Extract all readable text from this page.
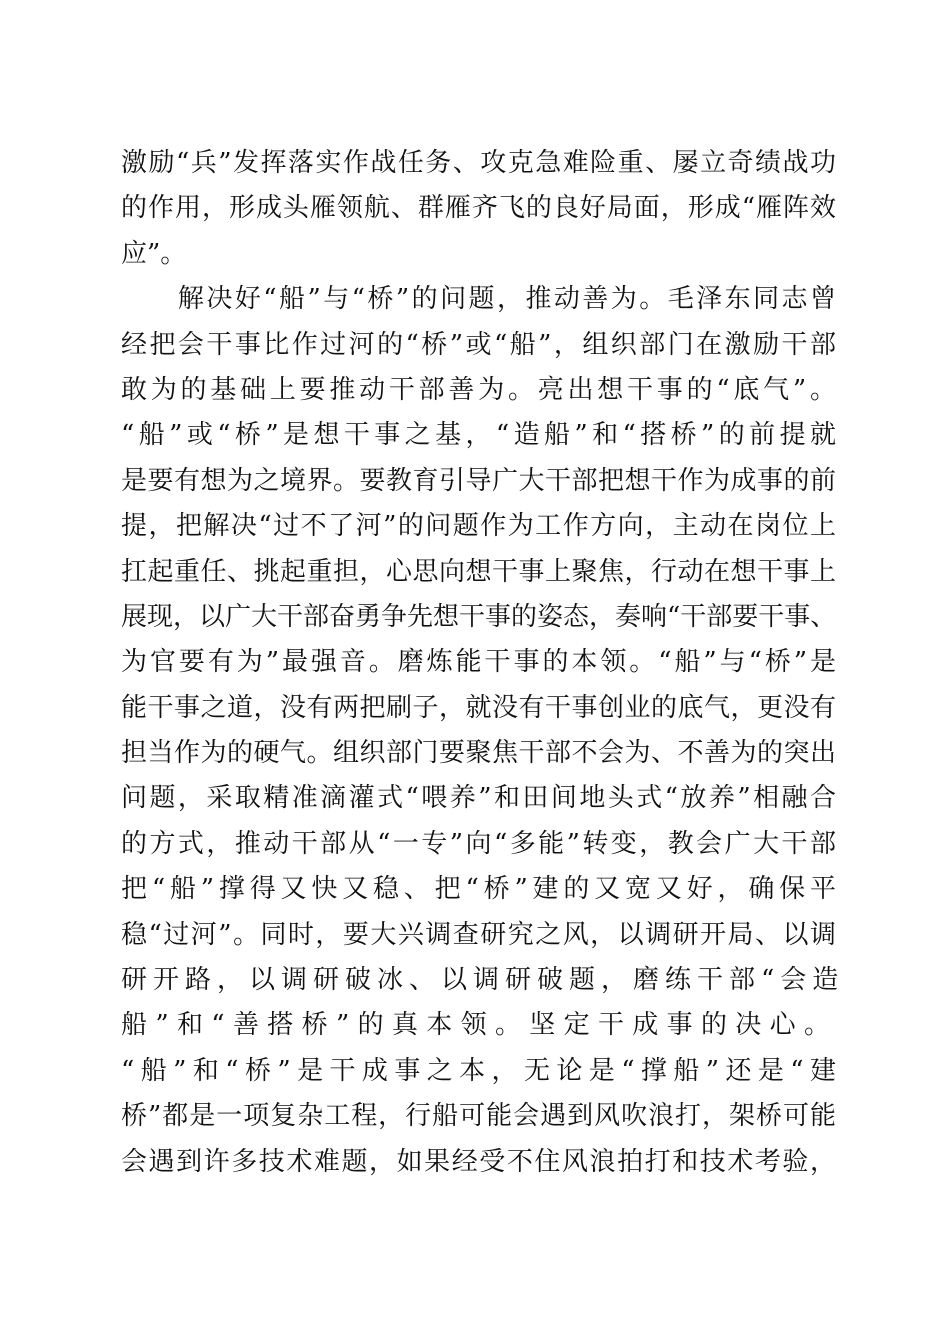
激励“兵”发挥落实作战任务、攻克急难险重、屡立奇绩战功
的作用，形成头雁领航、群雁齐飞的良好局面，形成“雁阵效
应”。
　　解决好“船”与“桥”的问题，推动善为。毛泽东同志曾
经把会干事比作过河的“桥”或“船”，组织部门在激励干部
敢为的基础上要推动干部善为。亮出想干事的“底气”。
“船”或“桥”是想干事之基，“造船”和“搭桥”的前提就
是要有想为之境界。要教育引导广大干部把想干作为成事的前
提，把解决“过不了河”的问题作为工作方向，主动在岗位上
扛起重任、挑起重担，心思向想干事上聚焦，行动在想干事上
展现，以广大干部奋勇争先想干事的姿态，奏响“干部要干事、
为官要有为”最强音。磨炼能干事的本领。“船”与“桥”是
能干事之道，没有两把刷子，就没有干事创业的底气，更没有
担当作为的硬气。组织部门要聚焦干部不会为、不善为的突出
问题，采取精准滴灌式“喂养”和田间地头式“放养”相融合
的方式，推动干部从“一专”向“多能”转变，教会广大干部
把“船”撑得又快又稳、把“桥”建的又宽又好，确保平
稳“过河”。同时，要大兴调查研究之风，以调研开局、以调
研开路，以调研破冰、以调研破题，磨练干部“会造
船”和“善搭桥”的真本领。坚定干成事的决心。
“船”和“桥”是干成事之本，无论是“撑船”还是“建
桥”都是一项复杂工程，行船可能会遇到风吹浪打，架桥可能
会遇到许多技术难题，如果经受不住风浪拍打和技术考验，
